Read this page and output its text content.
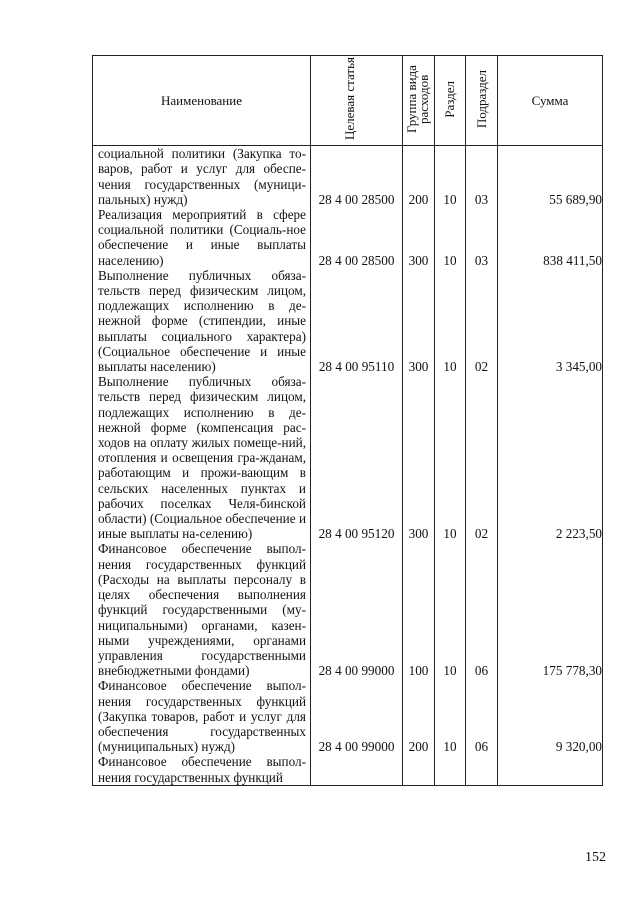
Наименование	Целевая статья	Группа вида расходов	Раздел	Подраздел	Сумма
социальной политики (Закупка то-варов, работ и услуг для обеспе-чения государственных (муници-пальных) нужд)	28 4 00 28500	200	10	03	55 689,90
Реализация мероприятий в сфере социальной политики (Социаль-ное обеспечение и иные выплаты населению)	28 4 00 28500	300	10	03	838 411,50
Выполнение публичных обяза-тельств перед физическим лицом, подлежащих исполнению в де-нежной форме (стипендии, иные выплаты социального характера) (Социальное обеспечение и иные выплаты населению)	28 4 00 95110	300	10	02	3 345,00
Выполнение публичных обяза-тельств перед физическим лицом, подлежащих исполнению в де-нежной форме (компенсация рас-ходов на оплату жилых помеще-ний, отопления и освещения гра-жданам, работающим и прожи-вающим в сельских населенных пунктах и рабочих поселках Челя-бинской области) (Социальное обеспечение и иные выплаты на-селению)	28 4 00 95120	300	10	02	2 223,50
Финансовое обеспечение выпол-нения государственных функций (Расходы на выплаты персоналу в целях обеспечения выполнения функций государственными (му-ниципальными) органами, казен-ными учреждениями, органами управления государственными внебюджетными фондами)	28 4 00 99000	100	10	06	175 778,30
Финансовое обеспечение выпол-нения государственных функций (Закупка товаров, работ и услуг для обеспечения государственных (муниципальных) нужд)	28 4 00 99000	200	10	06	9 320,00
Финансовое обеспечение выпол-нения государственных функций					
152
